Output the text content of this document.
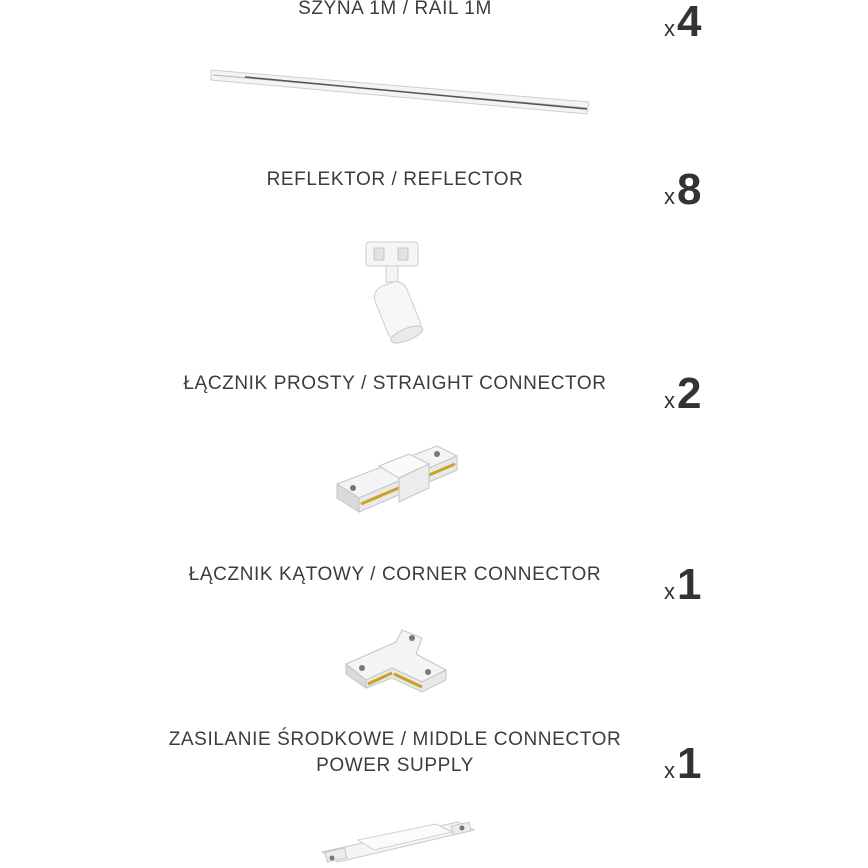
SZYNA 1M / RAIL 1M
x 4
REFLEKTOR / REFLECTOR
x 8
ŁĄCZNIK PROSTY / STRAIGHT CONNECTOR
x 2
ŁĄCZNIK KĄTOWY / CORNER CONNECTOR
x 1
ZASILANIE ŚRODKOWE / MIDDLE CONNECTOR
POWER SUPPLY	x 1
